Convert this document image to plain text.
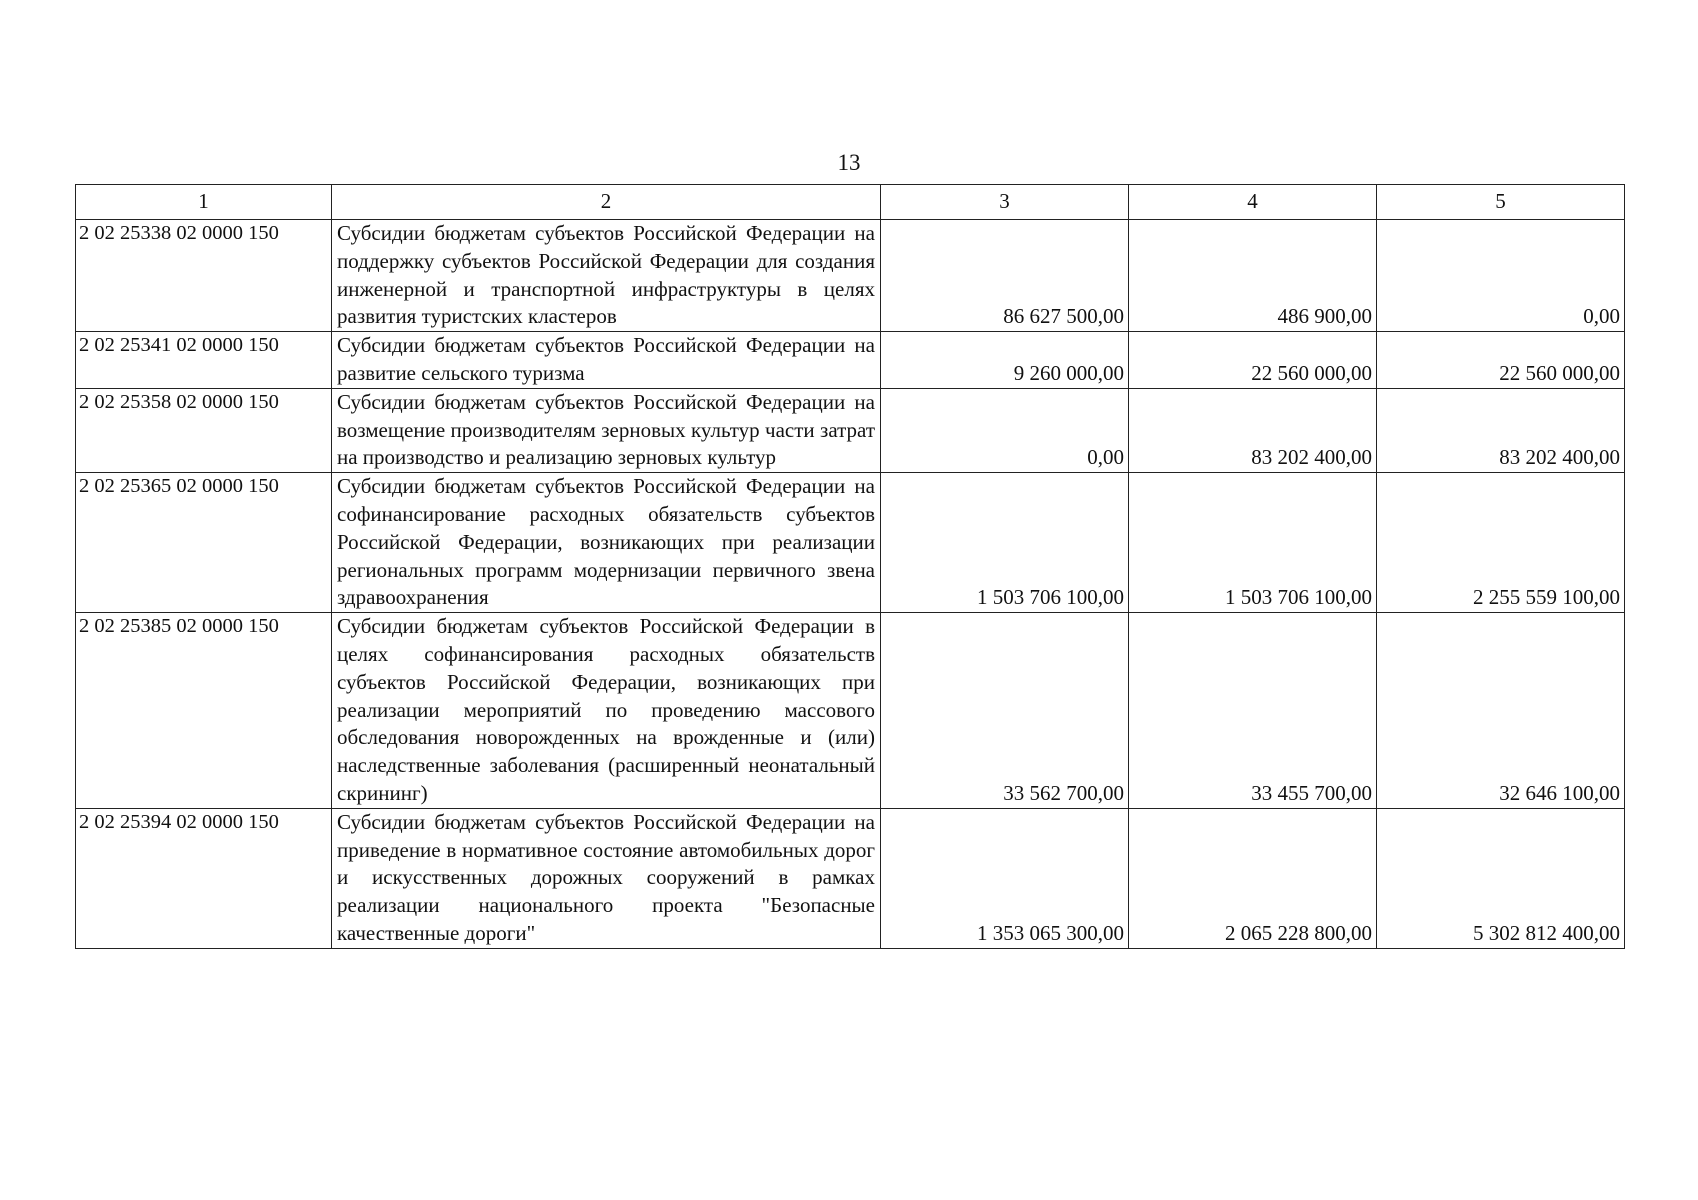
13
1	2	3	4	5
2 02 25338 02 0000 150	Субсидии бюджетам субъектов Российской Федерации на поддержку субъектов Российской Федерации для создания инженерной и транспортной инфраструктуры в целях развития туристских кластеров	86 627 500,00	486 900,00	0,00
2 02 25341 02 0000 150	Субсидии бюджетам субъектов Российской Федерации на развитие сельского туризма	9 260 000,00	22 560 000,00	22 560 000,00
2 02 25358 02 0000 150	Субсидии бюджетам субъектов Российской Федерации на возмещение производителям зерновых культур части затрат на производство и реализацию зерновых культур	0,00	83 202 400,00	83 202 400,00
2 02 25365 02 0000 150	Субсидии бюджетам субъектов Российской Федерации на софинансирование расходных обязательств субъектов Российской Федерации, возникающих при реализации региональных программ модернизации первичного звена здравоохранения	1 503 706 100,00	1 503 706 100,00	2 255 559 100,00
2 02 25385 02 0000 150	Субсидии бюджетам субъектов Российской Федерации в целях софинансирования расходных обязательств субъектов Российской Федерации, возникающих при реализации мероприятий по проведению массового обследования новорожденных на врожденные и (или) наследственные заболевания (расширенный неонатальный скрининг)	33 562 700,00	33 455 700,00	32 646 100,00
2 02 25394 02 0000 150	Субсидии бюджетам субъектов Российской Федерации на приведение в нормативное состояние автомобильных дорог и искусственных дорожных сооружений в рамках реализации национального проекта "Безопасные качественные дороги"	1 353 065 300,00	2 065 228 800,00	5 302 812 400,00
